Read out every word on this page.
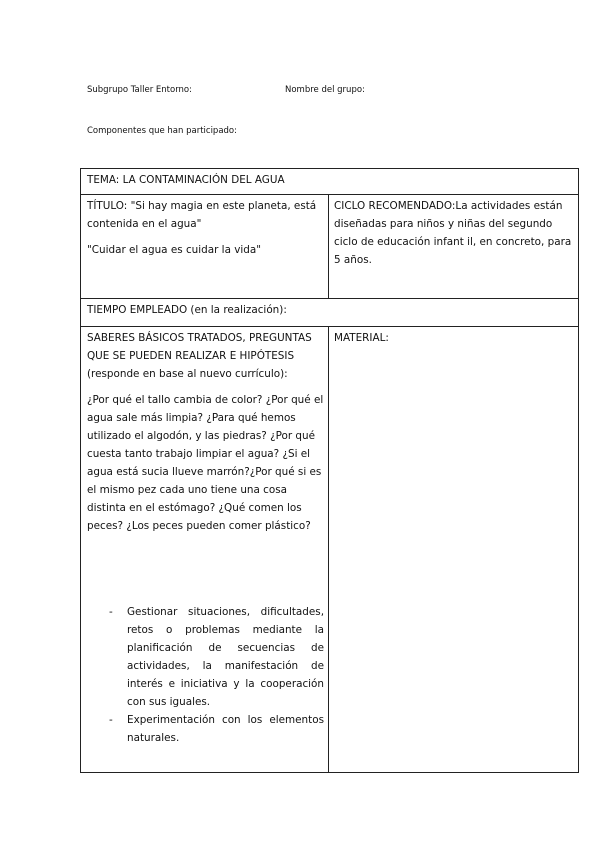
Subgrupo Taller Entorno:	Nombre del grupo:
Componentes que han participado:
TEMA: LA CONTAMINACIÓN DEL AGUA

TÍTULO: "Si hay magia en este planeta, está contenida en el agua"

"Cuidar el agua es cuidar la vida"

CICLO RECOMENDADO:La actividades están diseñadas para niños y niñas del segundo ciclo de educación infant il, en concreto, para 5 años.

TIEMPO EMPLEADO (en la realización):

SABERES BÁSICOS TRATADOS, PREGUNTAS QUE SE PUEDEN REALIZAR E HIPÓTESIS (responde en base al nuevo currículo):

¿Por qué el tallo cambia de color? ¿Por qué el agua sale más limpia? ¿Para qué hemos utilizado el algodón, y las piedras? ¿Por qué cuesta tanto trabajo limpiar el agua? ¿Si el agua está sucia llueve marrón?¿Por qué si es el mismo pez cada uno tiene una cosa distinta en el estómago? ¿Qué comen los peces? ¿Los peces pueden comer plástico?

- Gestionar situaciones, dificultades, retos o problemas mediante la planificación de secuencias de actividades, la manifestación de interés e iniciativa y la cooperación con sus iguales.
- Experimentación con los elementos naturales.
MATERIAL:
